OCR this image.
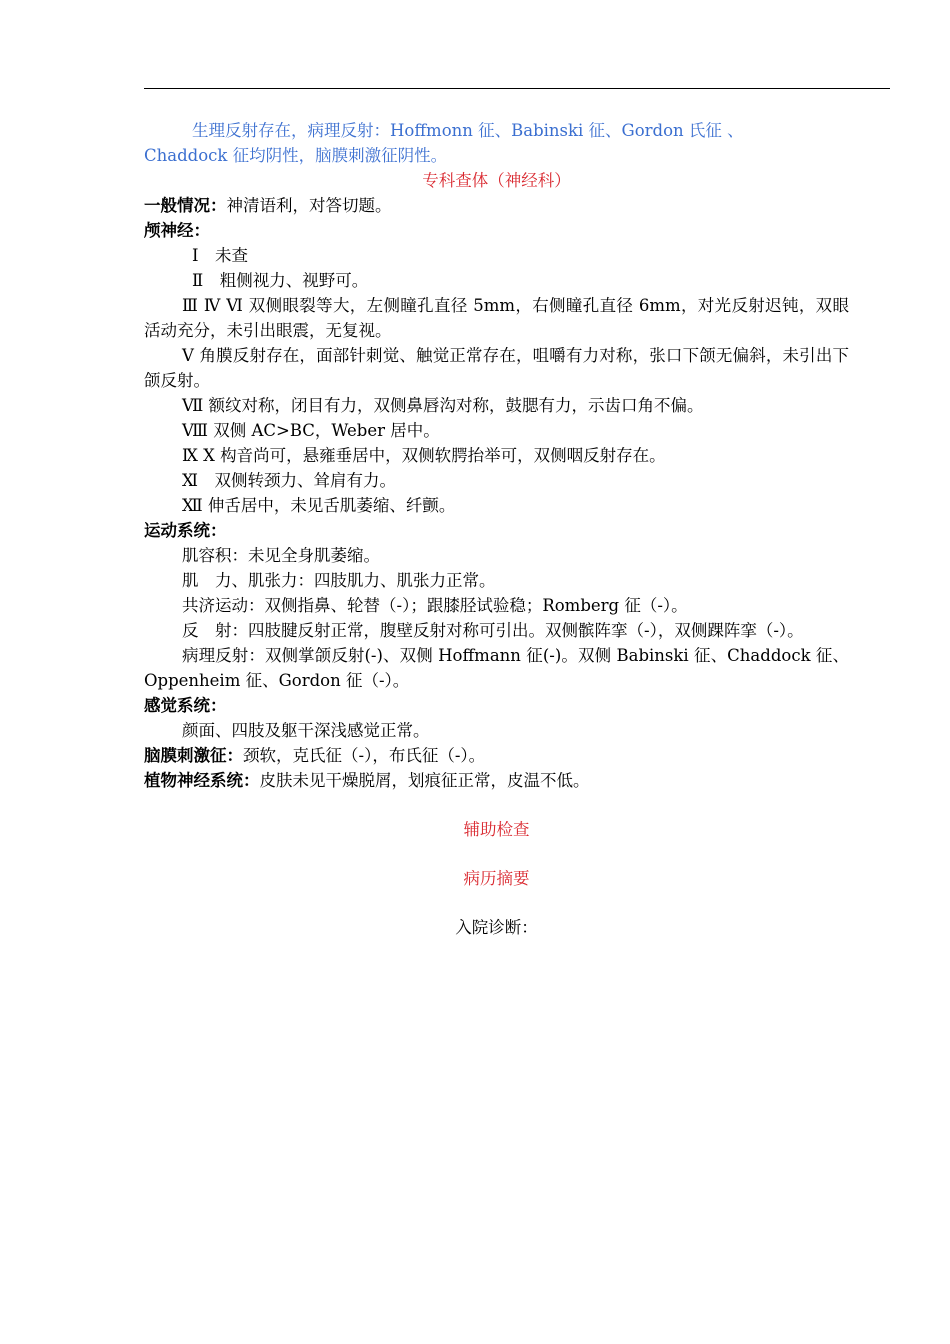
生理反射存在，病理反射：Hoffmonn 征、Babinski 征、Gordon 氏征 、
Chaddock 征均阴性，脑膜刺激征阴性。
专科查体（神经科）
一般情况：神清语利，对答切题。
颅神经：
Ⅰ　未查
Ⅱ　粗侧视力、视野可。
Ⅲ Ⅳ Ⅵ 双侧眼裂等大，左侧瞳孔直径 5mm，右侧瞳孔直径 6mm，对光反射迟钝，双眼活动充分，未引出眼震，无复视。
Ⅴ 角膜反射存在，面部针刺觉、触觉正常存在，咀嚼有力对称，张口下颌无偏斜，未引出下颌反射。
Ⅶ 额纹对称，闭目有力，双侧鼻唇沟对称，鼓腮有力，示齿口角不偏。
Ⅷ 双侧 AC>BC，Weber 居中。
Ⅸ Ⅹ 构音尚可，悬雍垂居中，双侧软腭抬举可，双侧咽反射存在。
Ⅺ　双侧转颈力、耸肩有力。
Ⅻ 伸舌居中，未见舌肌萎缩、纤颤。
运动系统：
肌容积：未见全身肌萎缩。
肌　力、肌张力：四肢肌力、肌张力正常。
共济运动：双侧指鼻、轮替（-）；跟膝胫试验稳；Romberg 征（-）。
反　射：四肢腱反射正常，腹壁反射对称可引出。双侧髌阵挛（-），双侧踝阵挛（-）。
病理反射：双侧掌颌反射(-)、双侧 Hoffmann 征(-)。双侧 Babinski 征、Chaddock 征、Oppenheim 征、Gordon 征（-）。
感觉系统：
颜面、四肢及躯干深浅感觉正常。
脑膜刺激征：颈软，克氏征（-），布氏征（-）。
植物神经系统：皮肤未见干燥脱屑，划痕征正常，皮温不低。
辅助检查
病历摘要
入院诊断：
